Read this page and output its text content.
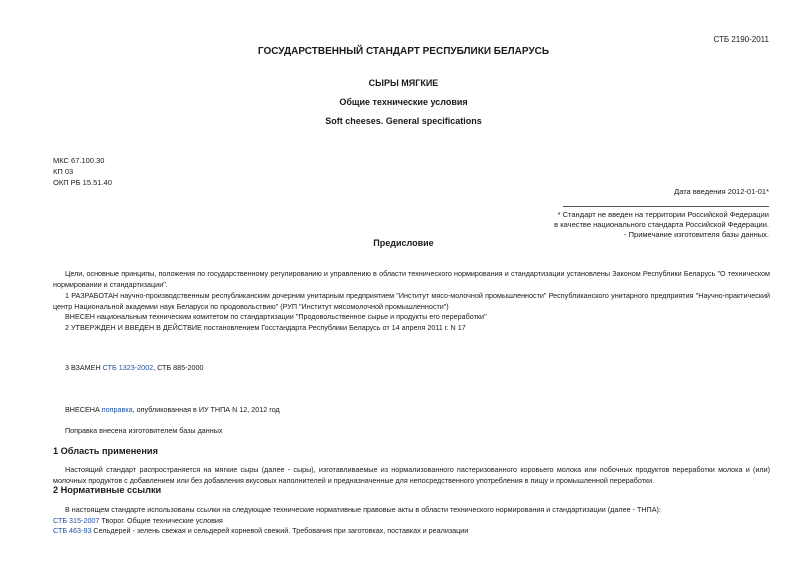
СТБ 2190-2011
ГОСУДАРСТВЕННЫЙ СТАНДАРТ РЕСПУБЛИКИ БЕЛАРУСЬ
СЫРЫ МЯГКИЕ
Общие технические условия
Soft cheeses. General specifications
МКС 67.100.30
КП 03
ОКП РБ 15.51.40
Дата введения 2012-01-01*
* Стандарт не введен на территории Российской Федерации
в качестве национального стандарта Российской Федерации.
- Примечание изготовителя базы данных.
Предисловие
Цели, основные принципы, положения по государственному регулированию и управлению в области технического нормирования и стандартизации установлены Законом Республики Беларусь "О техническом нормировании и стандартизации".
1 РАЗРАБОТАН научно-производственным республиканским дочерним унитарным предприятием "Институт мясо-молочной промышленности" Республиканского унитарного предприятия "Научно-практический центр Национальной академии наук Беларуси по продовольствию" (РУП "Институт мясомолочной промышленности")
ВНЕСЕН национальным техническим комитетом по стандартизации "Продовольственное сырье и продукты его переработки"
2 УТВЕРЖДЕН И ВВЕДЕН В ДЕЙСТВИЕ постановлением Госстандарта Республики Беларусь от 14 апреля 2011 г. N 17
3 ВЗАМЕН СТБ 1323-2002, СТБ 885-2000
ВНЕСЕНА поправка, опубликованная в ИУ ТНПА N 12, 2012 год
Поправка внесена изготовителем базы данных
1 Область применения
Настоящий стандарт распространяется на мягкие сыры (далее - сыры), изготавливаемые из нормализованного пастеризованного коровьего молока или побочных продуктов переработки молока и (или) молочных продуктов с добавлением или без добавления вкусовых наполнителей и предназначенные для непосредственного употребления в пищу и промышленной переработки.
2 Нормативные ссылки
В настоящем стандарте использованы ссылки на следующие технические нормативные правовые акты в области технического нормирования и стандартизации (далее - ТНПА):
СТБ 315-2007 Творог. Общие технические условия
СТБ 463-93 Сельдерей - зелень свежая и сельдерей корневой свежий. Требования при заготовках, поставках и реализации
